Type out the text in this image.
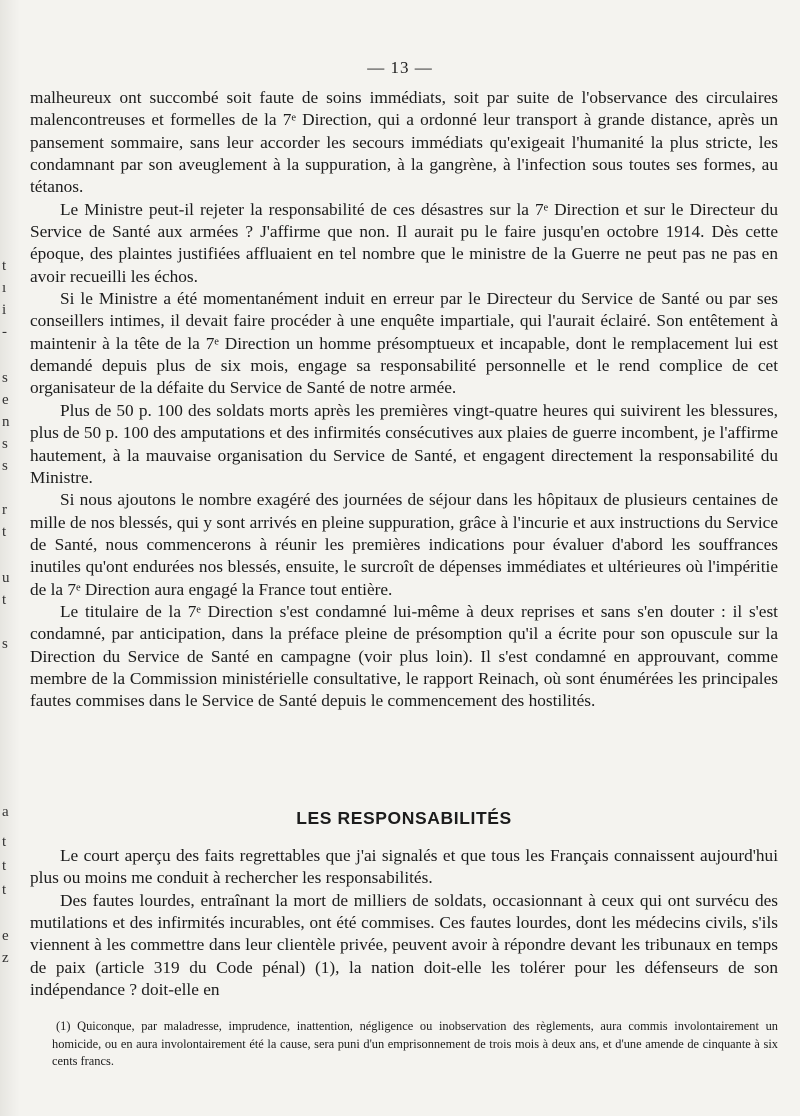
t
ı
i
-
s
e
n
s
s
r
t
u
t
s
a
t
t
t
e
z
— 13 —

malheureux ont succombé soit faute de soins immédiats, soit par suite de l'observance des circulaires malencontreuses et formelles de la 7ᵉ Direction, qui a ordonné leur transport à grande distance, après un pansement sommaire, sans leur accorder les secours immédiats qu'exigeait l'humanité la plus stricte, les condamnant par son aveuglement à la suppuration, à la gangrène, à l'infection sous toutes ses formes, au tétanos.

Le Ministre peut-il rejeter la responsabilité de ces désastres sur la 7ᵉ Direction et sur le Directeur du Service de Santé aux armées ? J'affirme que non. Il aurait pu le faire jusqu'en octobre 1914. Dès cette époque, des plaintes justifiées affluaient en tel nombre que le ministre de la Guerre ne peut pas ne pas en avoir recueilli les échos.

Si le Ministre a été momentanément induit en erreur par le Directeur du Service de Santé ou par ses conseillers intimes, il devait faire procéder à une enquête impartiale, qui l'aurait éclairé. Son entêtement à maintenir à la tête de la 7ᵉ Direction un homme présomptueux et incapable, dont le remplacement lui est demandé depuis plus de six mois, engage sa responsabilité personnelle et le rend complice de cet organisateur de la défaite du Service de Santé de notre armée.

Plus de 50 p. 100 des soldats morts après les premières vingt-quatre heures qui suivirent les blessures, plus de 50 p. 100 des amputations et des infirmités consécutives aux plaies de guerre incombent, je l'affirme hautement, à la mauvaise organisation du Service de Santé, et engagent directement la responsabilité du Ministre.

Si nous ajoutons le nombre exagéré des journées de séjour dans les hôpitaux de plusieurs centaines de mille de nos blessés, qui y sont arrivés en pleine suppuration, grâce à l'incurie et aux instructions du Service de Santé, nous commencerons à réunir les premières indications pour évaluer d'abord les souffrances inutiles qu'ont endurées nos blessés, ensuite, le surcroît de dépenses immédiates et ultérieures où l'impéritie de la 7ᵉ Direction aura engagé la France tout entière.

Le titulaire de la 7ᵉ Direction s'est condamné lui-même à deux reprises et sans s'en douter : il s'est condamné, par anticipation, dans la préface pleine de présomption qu'il a écrite pour son opuscule sur la Direction du Service de Santé en campagne (voir plus loin). Il s'est condamné en approuvant, comme membre de la Commission ministérielle consultative, le rapport Reinach, où sont énumérées les principales fautes commises dans le Service de Santé depuis le commencement des hostilités.

LES RESPONSABILITÉS

Le court aperçu des faits regrettables que j'ai signalés et que tous les Français connaissent aujourd'hui plus ou moins me conduit à rechercher les responsabilités.

Des fautes lourdes, entraînant la mort de milliers de soldats, occasionnant à ceux qui ont survécu des mutilations et des infirmités incurables, ont été commises. Ces fautes lourdes, dont les médecins civils, s'ils viennent à les commettre dans leur clientèle privée, peuvent avoir à répondre devant les tribunaux en temps de paix (article 319 du Code pénal) (1), la nation doit-elle les tolérer pour les défenseurs de son indépendance ? doit-elle en

(1) Quiconque, par maladresse, imprudence, inattention, négligence ou inobservation des règlements, aura commis involontairement un homicide, ou en aura involontairement été la cause, sera puni d'un emprisonnement de trois mois à deux ans, et d'une amende de cinquante à six cents francs.
